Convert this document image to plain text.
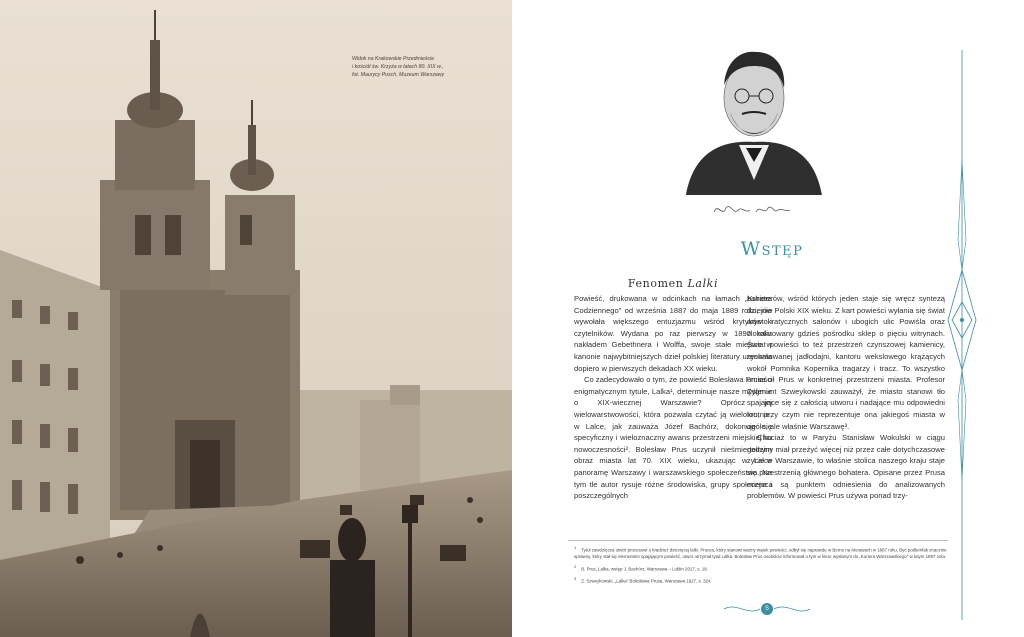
Widok na Krakowskie Przedmieście
i kościół św. Krzyża w latach 80. XIX w.,
fot. Maurycy Pusch, Muzeum Warszawy
Wstęp
Fenomen Lalki

Powieść, drukowana w odcinkach na łamach „Kuriera Codziennego” od września 1887 do maja 1889 roku, nie wywołała większego entuzjazmu wśród krytyków i czytelników. Wydana po raz pierwszy w 1890 roku nakładem Gebethnera i Wolffa, swoje stałe miejsce w kanonie najwybitniejszych dzieł polskiej literatury uzyskała dopiero w pierwszych dekadach XX wieku.

Co zadecydowało o tym, że powieść Bolesława Prusa o enigmatycznym tytule, Lalka¹, determinuje nasze myślenie o XIX-wiecznej Warszawie? Oprócz jej wielowarstwowości, która pozwala czytać ją wielokrotnie, w Lalce, jak zauważa Józef Bachórz, dokonuje się specyficzny i wieloznaczny awans przestrzeni miejskiej ku nowoczesności². Bolesław Prus uczynił nieśmiertelnym obraz miasta lat 70. XIX wieku, ukazując w Lalce panoramę Warszawy i warszawskiego społeczeństwa. Na tym tle autor rysuje różne środowiska, grupy społeczne i poszczególnych

bohaterów, wśród których jeden staje się wręcz syntezą dziejów Polski XIX wieku. Z kart powieści wyłania się świat arystokratycznych salonów i ubogich ulic Powiśla oraz zlokalizowany gdzieś pośrodku sklep o pięciu witrynach. Świat powieści to też przestrzeń czynszowej kamienicy, renomowanej jadłodajni, kantoru wekslowego krążących wokół Pomnika Kopernika tragarzy i tracz. To wszystko umieścił Prus w konkretnej przestrzeni miasta. Profesor Zygmunt Szweykowski zauważył, że miasto stanowi tło spajające się z całością utworu i nadające mu odpowiedni ton, przy czym nie reprezentuje ona jakiegoś miasta w ogóle, ale właśnie Warszawę³.

Chociaż to w Paryżu Stanisław Wokulski w ciągu godziny miał przeżyć więcej niż przez całe dotychczasowe życie w Warszawie, to właśnie stolica naszego kraju staje się przestrzenią głównego bohatera. Opisane przez Prusa miejsca są punktem odniesienia do analizowanych problemów. W powieści Prus używa ponad trzy-

$^1$ Tytuł zawdzięcza utwór procesowi o kradzież dziecięcej lalki. Proces, który stanowi ważny wątek powieści, odbył się naprawdę w Berne na Morawach w 1887 roku. Być podlemfak znacznie sprawny, który stał się elementem spajającym powieść, utwór otrzymał tytuł Lalka. Bolesław Prus osobiście informował o tym w liście wysłanym do „Kuriera Warszawskiego” w lutym 1897 roku.
$^2$ B. Prus, Lalka, wstęp J. Bachórz, Warszawa – Lublin 2017, s. 18.
$^3$ Z. Szweykowski, „Lalka” Bolesława Prusa, Warszawa 1927, s. 324.
5
